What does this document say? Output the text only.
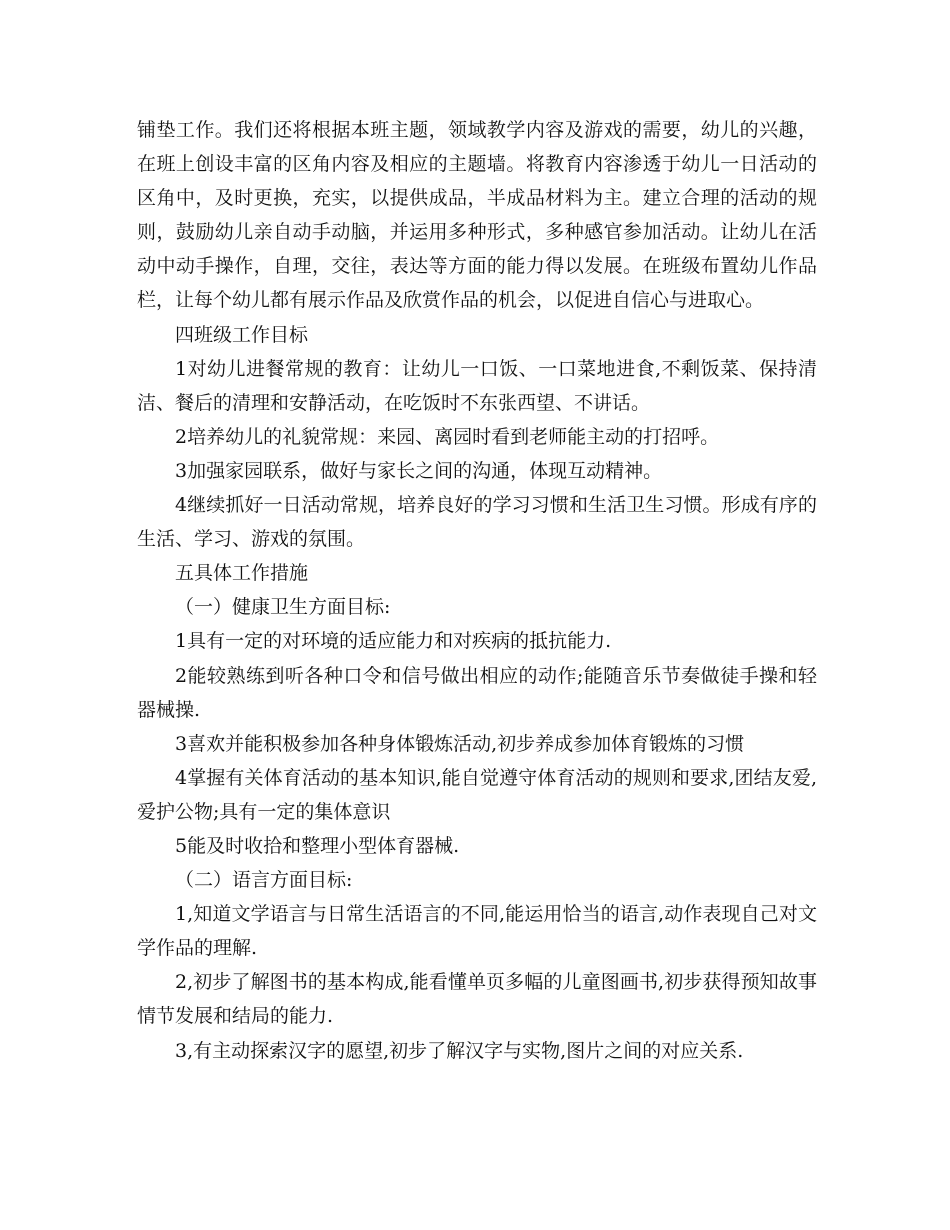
铺垫工作。我们还将根据本班主题，领域教学内容及游戏的需要，幼儿的兴趣，在班上创设丰富的区角内容及相应的主题墙。将教育内容渗透于幼儿一日活动的区角中，及时更换，充实，以提供成品，半成品材料为主。建立合理的活动的规则，鼓励幼儿亲自动手动脑，并运用多种形式，多种感官参加活动。让幼儿在活动中动手操作，自理，交往，表达等方面的能力得以发展。在班级布置幼儿作品栏，让每个幼儿都有展示作品及欣赏作品的机会，以促进自信心与进取心。

四班级工作目标

1对幼儿进餐常规的教育：让幼儿一口饭、一口菜地进食,不剩饭菜、保持清洁、餐后的清理和安静活动，在吃饭时不东张西望、不讲话。

2培养幼儿的礼貌常规：来园、离园时看到老师能主动的打招呼。

3加强家园联系，做好与家长之间的沟通，体现互动精神。

4继续抓好一日活动常规，培养良好的学习习惯和生活卫生习惯。形成有序的生活、学习、游戏的氛围。

五具体工作措施

（一）健康卫生方面目标:

1具有一定的对环境的适应能力和对疾病的抵抗能力.

2能较熟练到听各种口令和信号做出相应的动作;能随音乐节奏做徒手操和轻器械操.

3喜欢并能积极参加各种身体锻炼活动,初步养成参加体育锻炼的习惯

4掌握有关体育活动的基本知识,能自觉遵守体育活动的规则和要求,团结友爱,爱护公物;具有一定的集体意识

5能及时收拾和整理小型体育器械.

（二）语言方面目标:

1,知道文学语言与日常生活语言的不同,能运用恰当的语言,动作表现自己对文学作品的理解.

2,初步了解图书的基本构成,能看懂单页多幅的儿童图画书,初步获得预知故事情节发展和结局的能力.

3,有主动探索汉字的愿望,初步了解汉字与实物,图片之间的对应关系.
